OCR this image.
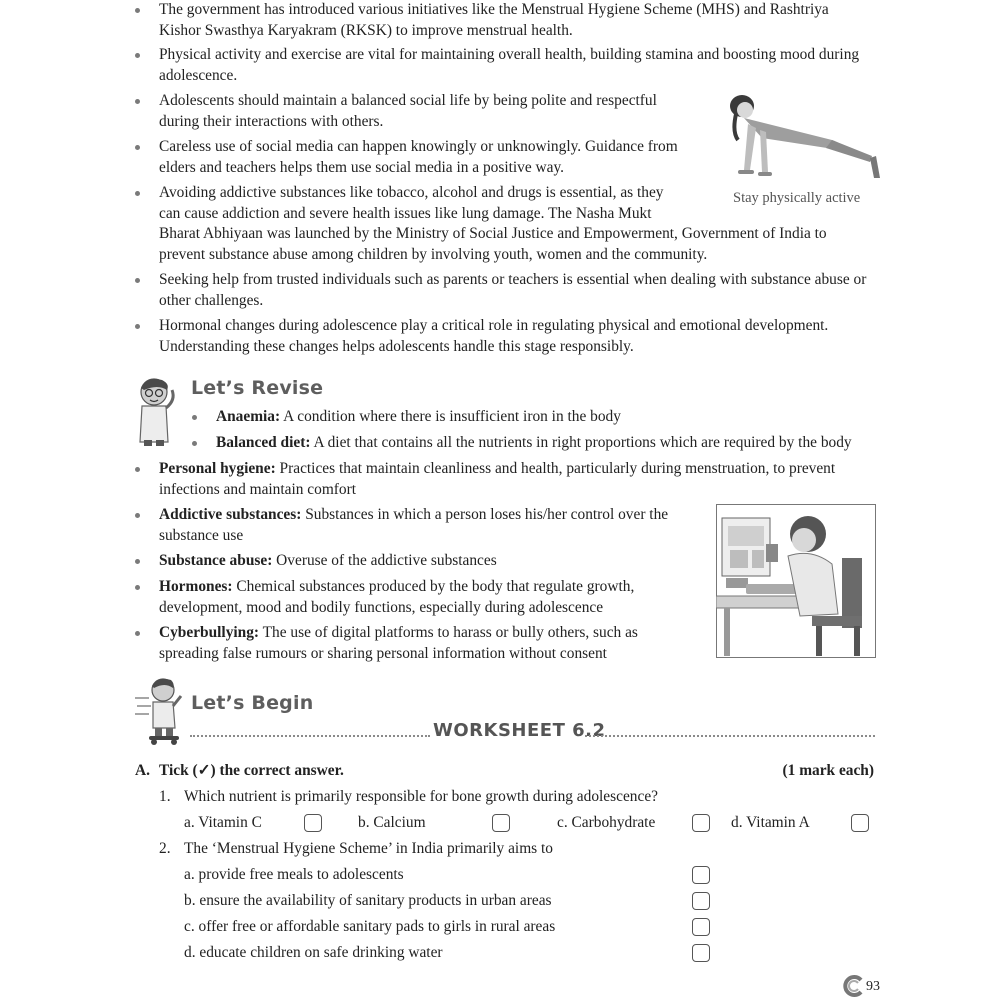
The government has introduced various initiatives like the Menstrual Hygiene Scheme (MHS) and Rashtriya Kishor Swasthya Karyakram (RKSK) to improve menstrual health.
Physical activity and exercise are vital for maintaining overall health, building stamina and boosting mood during adolescence.
Adolescents should maintain a balanced social life by being polite and respectful during their interactions with others.
Careless use of social media can happen knowingly or unknowingly. Guidance from elders and teachers helps them use social media in a positive way.
Avoiding addictive substances like tobacco, alcohol and drugs is essential, as they
can cause addiction and severe health issues like lung damage. The Nasha Mukt
Bharat Abhiyaan was launched by the Ministry of Social Justice and Empowerment, Government of India to prevent substance abuse among children by involving youth, women and the community.
Seeking help from trusted individuals such as parents or teachers is essential when dealing with substance abuse or other challenges.
Hormonal changes during adolescence play a critical role in regulating physical and emotional development. Understanding these changes helps adolescents handle this stage responsibly.
Stay physically active
Let’s Revise
Anaemia: A condition where there is insufficient iron in the body
Balanced diet: A diet that contains all the nutrients in right proportions which are required by the body
Personal hygiene: Practices that maintain cleanliness and health, particularly during menstruation, to prevent infections and maintain comfort
Addictive substances: Substances in which a person loses his/her control over the substance use
Substance abuse: Overuse of the addictive substances
Hormones: Chemical substances produced by the body that regulate growth, development, mood and bodily functions, especially during adolescence
Cyberbullying: The use of digital platforms to harass or bully others, such as spreading false rumours or sharing personal information without consent
Let’s Begin
WORKSHEET 6.2
A. Tick (✓) the correct answer.	(1 mark each)
1. Which nutrient is primarily responsible for bone growth during adolescence?
a. Vitamin C	b. Calcium	c. Carbohydrate	d. Vitamin A
2. The ‘Menstrual Hygiene Scheme’ in India primarily aims to
a. provide free meals to adolescents
b. ensure the availability of sanitary products in urban areas
c. offer free or affordable sanitary pads to girls in rural areas
d. educate children on safe drinking water
93
